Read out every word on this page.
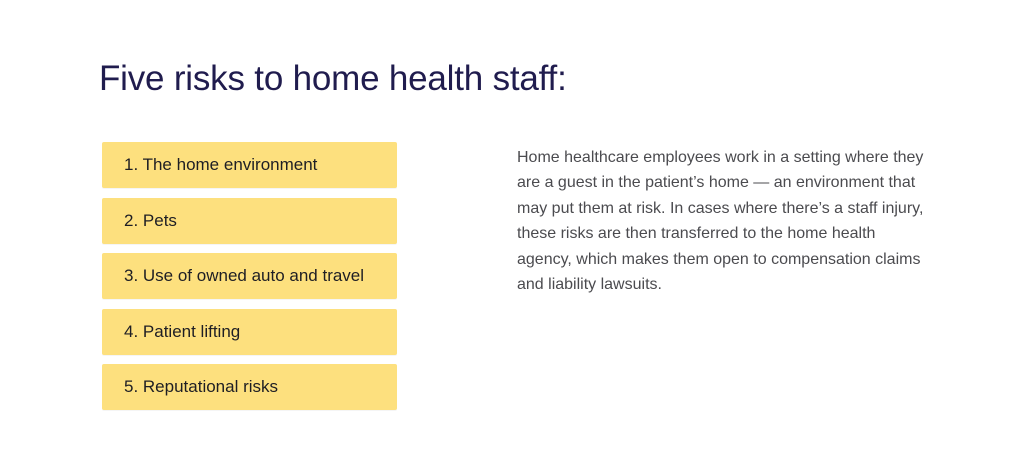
Five risks to home health staff:
1. The home environment
2. Pets
3. Use of owned auto and travel
4. Patient lifting
5. Reputational risks

Home healthcare employees work in a setting where they are a guest in the patient’s home — an environment that may put them at risk. In cases where there’s a staff injury, these risks are then transferred to the home health agency, which makes them open to compensation claims and liability lawsuits.
